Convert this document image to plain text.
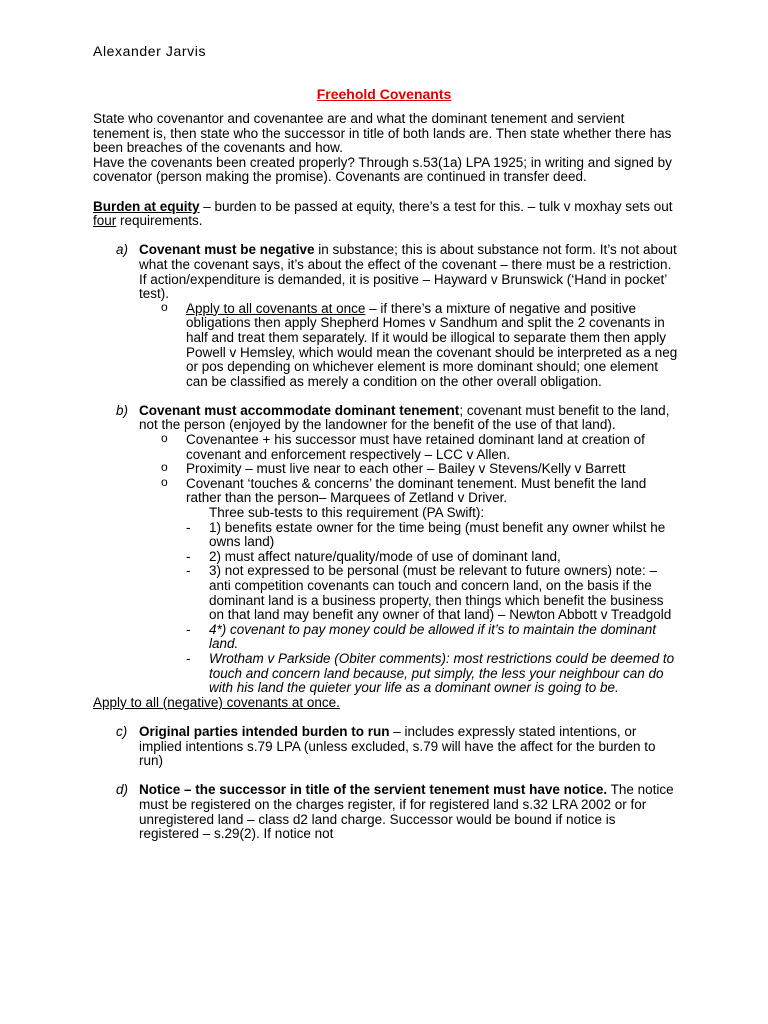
Alexander Jarvis
Freehold Covenants

State who covenantor and covenantee are and what the dominant tenement and servient tenement is, then state who the successor in title of both lands are. Then state whether there has been breaches of the covenants and how.

Have the covenants been created properly? Through s.53(1a) LPA 1925; in writing and signed by covenator (person making the promise). Covenants are continued in transfer deed.

Burden at equity – burden to be passed at equity, there’s a test for this. – tulk v moxhay sets out four requirements.

a) Covenant must be negative in substance; this is about substance not form. It’s not about what the covenant says, it’s about the effect of the covenant – there must be a restriction. If action/expenditure is demanded, it is positive – Hayward v Brunswick (‘Hand in pocket’ test).
o Apply to all covenants at once – if there’s a mixture of negative and positive obligations then apply Shepherd Homes v Sandhum and split the 2 covenants in half and treat them separately. If it would be illogical to separate them then apply Powell v Hemsley, which would mean the covenant should be interpreted as a neg or pos depending on whichever element is more dominant should; one element can be classified as merely a condition on the other overall obligation.
b) Covenant must accommodate dominant tenement; covenant must benefit to the land, not the person (enjoyed by the landowner for the benefit of the use of that land).
o Covenantee + his successor must have retained dominant land at creation of covenant and enforcement respectively – LCC v Allen.
o Proximity – must live near to each other – Bailey v Stevens/Kelly v Barrett
o Covenant ‘touches & concerns’ the dominant tenement. Must benefit the land rather than the person– Marquees of Zetland v Driver.
Three sub-tests to this requirement (PA Swift):
- 1) benefits estate owner for the time being (must benefit any owner whilst he owns land)
- 2) must affect nature/quality/mode of use of dominant land,
- 3) not expressed to be personal (must be relevant to future owners) note: – anti competition covenants can touch and concern land, on the basis if the dominant land is a business property, then things which benefit the business on that land may benefit any owner of that land) – Newton Abbott v Treadgold
- 4*) covenant to pay money could be allowed if it’s to maintain the dominant land.
- Wrotham v Parkside (Obiter comments): most restrictions could be deemed to touch and concern land because, put simply, the less your neighbour can do with his land the quieter your life as a dominant owner is going to be.

Apply to all (negative) covenants at once.

c) Original parties intended burden to run – includes expressly stated intentions, or implied intentions s.79 LPA (unless excluded, s.79 will have the affect for the burden to run)
d) Notice – the successor in title of the servient tenement must have notice. The notice must be registered on the charges register, if for registered land s.32 LRA 2002 or for unregistered land – class d2 land charge. Successor would be bound if notice is registered – s.29(2). If notice not
